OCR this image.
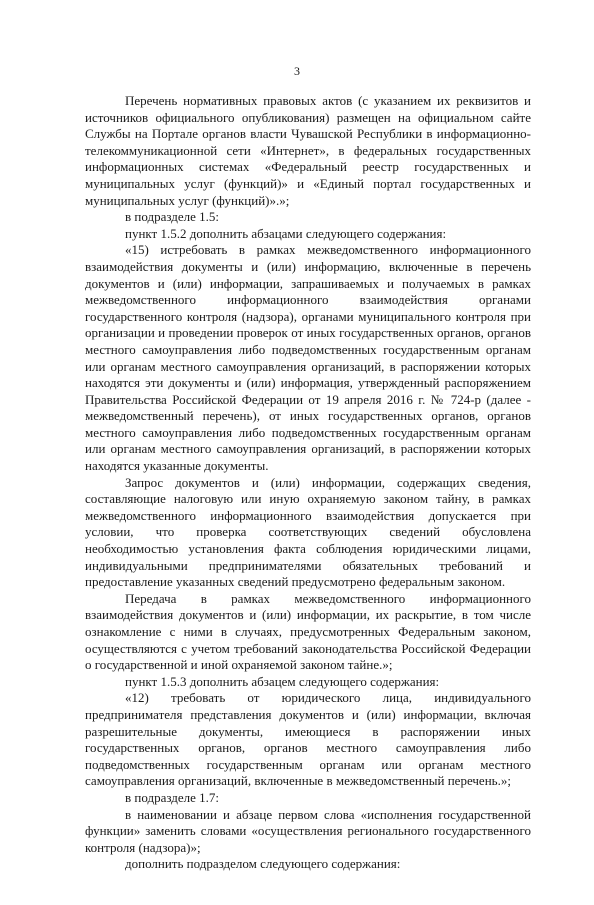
3

Перечень нормативных правовых актов (с указанием их реквизитов и источников официального опубликования) размещен на официальном сайте Службы на Портале органов власти Чувашской Республики в информационно-телекоммуникационной сети «Интернет», в федеральных государственных информационных системах «Федеральный реестр государственных и муниципальных услуг (функций)» и «Единый портал государственных и муниципальных услуг (функций)».»;

в подразделе 1.5:

пункт 1.5.2 дополнить абзацами следующего содержания:

«15) истребовать в рамках межведомственного информационного взаимодействия документы и (или) информацию, включенные в перечень документов и (или) информации, запрашиваемых и получаемых в рамках межведомственного информационного взаимодействия органами государственного контроля (надзора), органами муниципального контроля при организации и проведении проверок от иных государственных органов, органов местного самоуправления либо подведомственных государственным органам или органам местного самоуправления организаций, в распоряжении которых находятся эти документы и (или) информация, утвержденный распоряжением Правительства Российской Федерации от 19 апреля 2016 г. № 724-р (далее - межведомственный перечень), от иных государственных органов, органов местного самоуправления либо подведомственных государственным органам или органам местного самоуправления организаций, в распоряжении которых находятся указанные документы.

Запрос документов и (или) информации, содержащих сведения, составляющие налоговую или иную охраняемую законом тайну, в рамках межведомственного информационного взаимодействия допускается при условии, что проверка соответствующих сведений обусловлена необходимостью установления факта соблюдения юридическими лицами, индивидуальными предпринимателями обязательных требований и предоставление указанных сведений предусмотрено федеральным законом.

Передача в рамках межведомственного информационного взаимодействия документов и (или) информации, их раскрытие, в том числе ознакомление с ними в случаях, предусмотренных Федеральным законом, осуществляются с учетом требований законодательства Российской Федерации о государственной и иной охраняемой законом тайне.»;

пункт 1.5.3 дополнить абзацем следующего содержания:

«12) требовать от юридического лица, индивидуального предпринимателя представления документов и (или) информации, включая разрешительные документы, имеющиеся в распоряжении иных государственных органов, органов местного самоуправления либо подведомственных государственным органам или органам местного самоуправления организаций, включенные в межведомственный перечень.»;

в подразделе 1.7:

в наименовании и абзаце первом слова «исполнения государственной функции» заменить словами «осуществления регионального государственного контроля (надзора)»;

дополнить подразделом следующего содержания:
